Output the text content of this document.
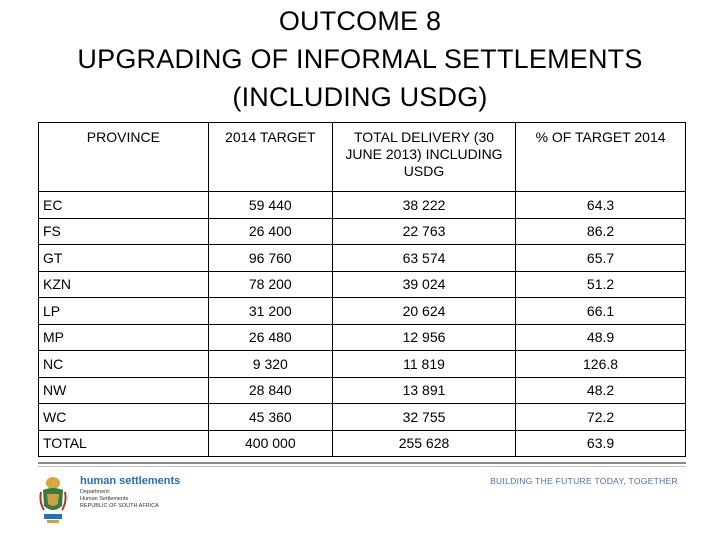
OUTCOME 8
UPGRADING OF INFORMAL SETTLEMENTS
(INCLUDING USDG)
PROVINCE	2014 TARGET	TOTAL DELIVERY (30 JUNE 2013) INCLUDING USDG	% OF TARGET 2014
EC	59 440	38 222	64.3
FS	26 400	22 763	86.2
GT	96 760	63 574	65.7
KZN	78 200	39 024	51.2
LP	31 200	20 624	66.1
MP	26 480	12 956	48.9
NC	9 320	11 819	126.8
NW	28 840	13 891	48.2
WC	45 360	32 755	72.2
TOTAL	400 000	255 628	63.9
human settlements
Department:
Human Settlements
REPUBLIC OF SOUTH AFRICA
BUILDING THE FUTURE TODAY, TOGETHER
